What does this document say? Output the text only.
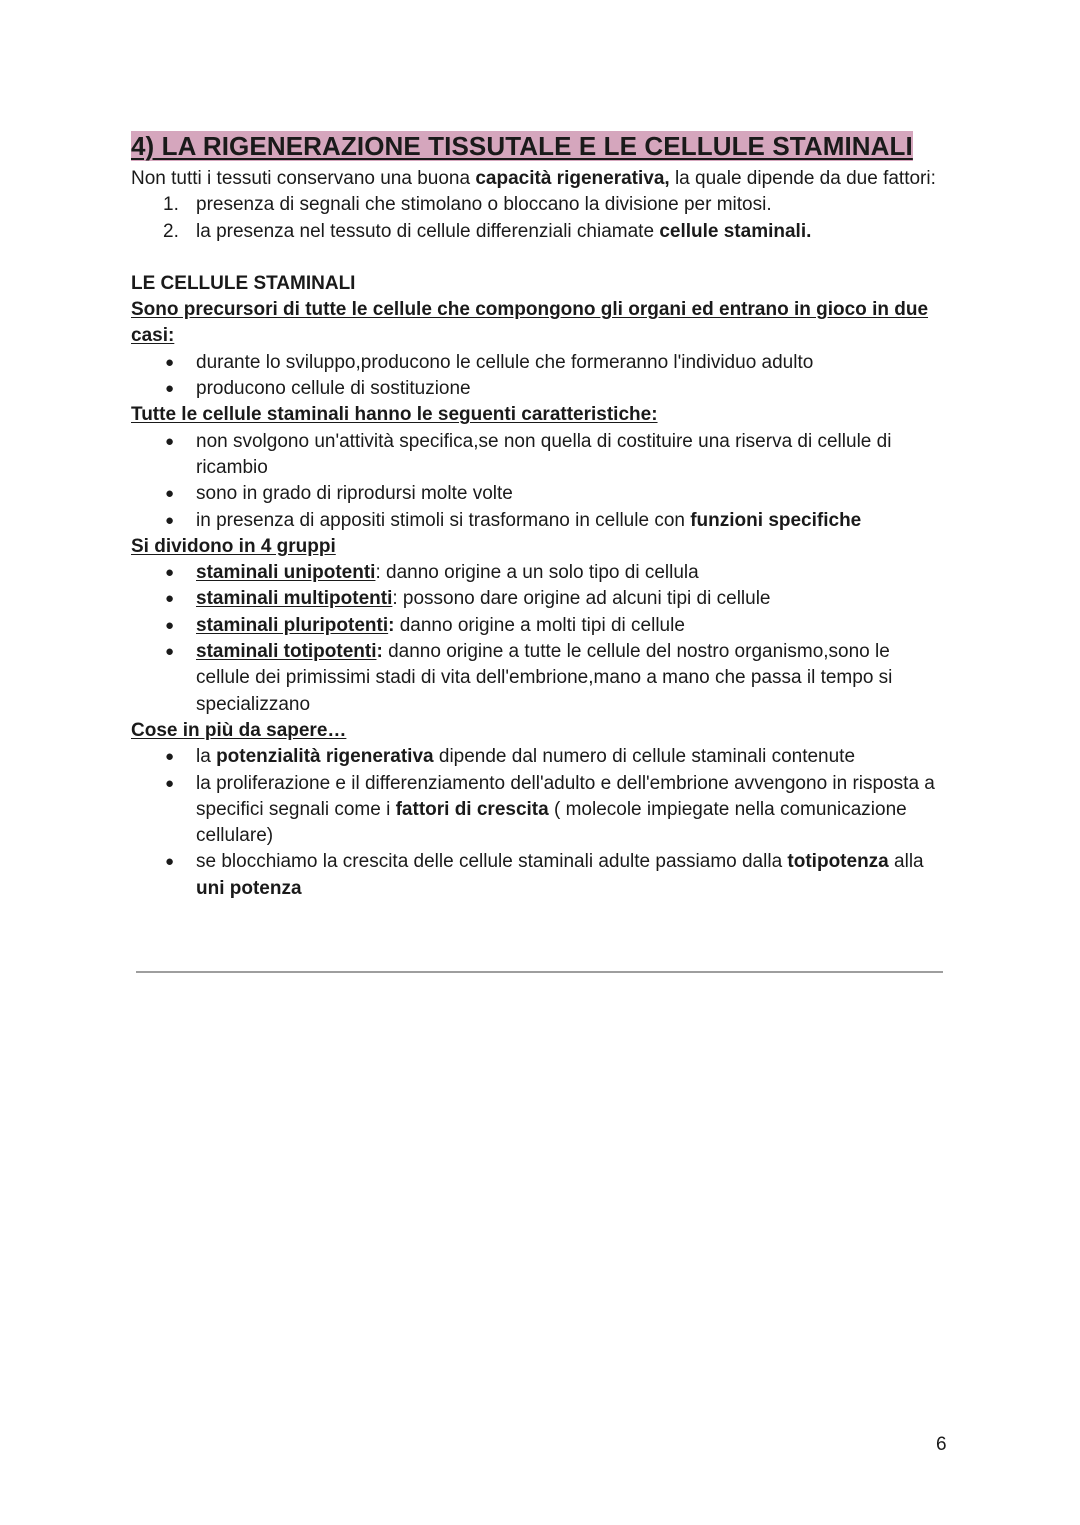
4) LA RIGENERAZIONE TISSUTALE E LE CELLULE STAMINALI

Non tutti i tessuti conservano una buona capacità rigenerativa, la quale dipende da due fattori:

1. presenza di segnali che stimolano o bloccano la divisione per mitosi.
2. la presenza nel tessuto di cellule differenziali chiamate cellule staminali.

LE CELLULE STAMINALI

Sono precursori di tutte le cellule che compongono gli organi ed entrano in gioco in due casi:

● durante lo sviluppo,producono le cellule che formeranno l'individuo adulto
● producono cellule di sostituzione

Tutte le cellule staminali hanno le seguenti caratteristiche:

● non svolgono un'attività specifica,se non quella di costituire una riserva di cellule di ricambio
● sono in grado di riprodursi molte volte
● in presenza di appositi stimoli si trasformano in cellule con funzioni specifiche

Si dividono in 4 gruppi

● staminali unipotenti: danno origine a un solo tipo di cellula
● staminali multipotenti: possono dare origine ad alcuni tipi di cellule
● staminali pluripotenti: danno origine a molti tipi di cellule
● staminali totipotenti: danno origine a tutte le cellule del nostro organismo,sono le cellule dei primissimi stadi di vita dell'embrione,mano a mano che passa il tempo si specializzano

Cose in più da sapere…

● la potenzialità rigenerativa dipende dal numero di cellule staminali contenute
● la proliferazione e il differenziamento dell'adulto e dell'embrione avvengono in risposta a specifici segnali come i fattori di crescita ( molecole impiegate nella comunicazione cellulare)
● se blocchiamo la crescita delle cellule staminali adulte passiamo dalla totipotenza alla uni potenza
6
